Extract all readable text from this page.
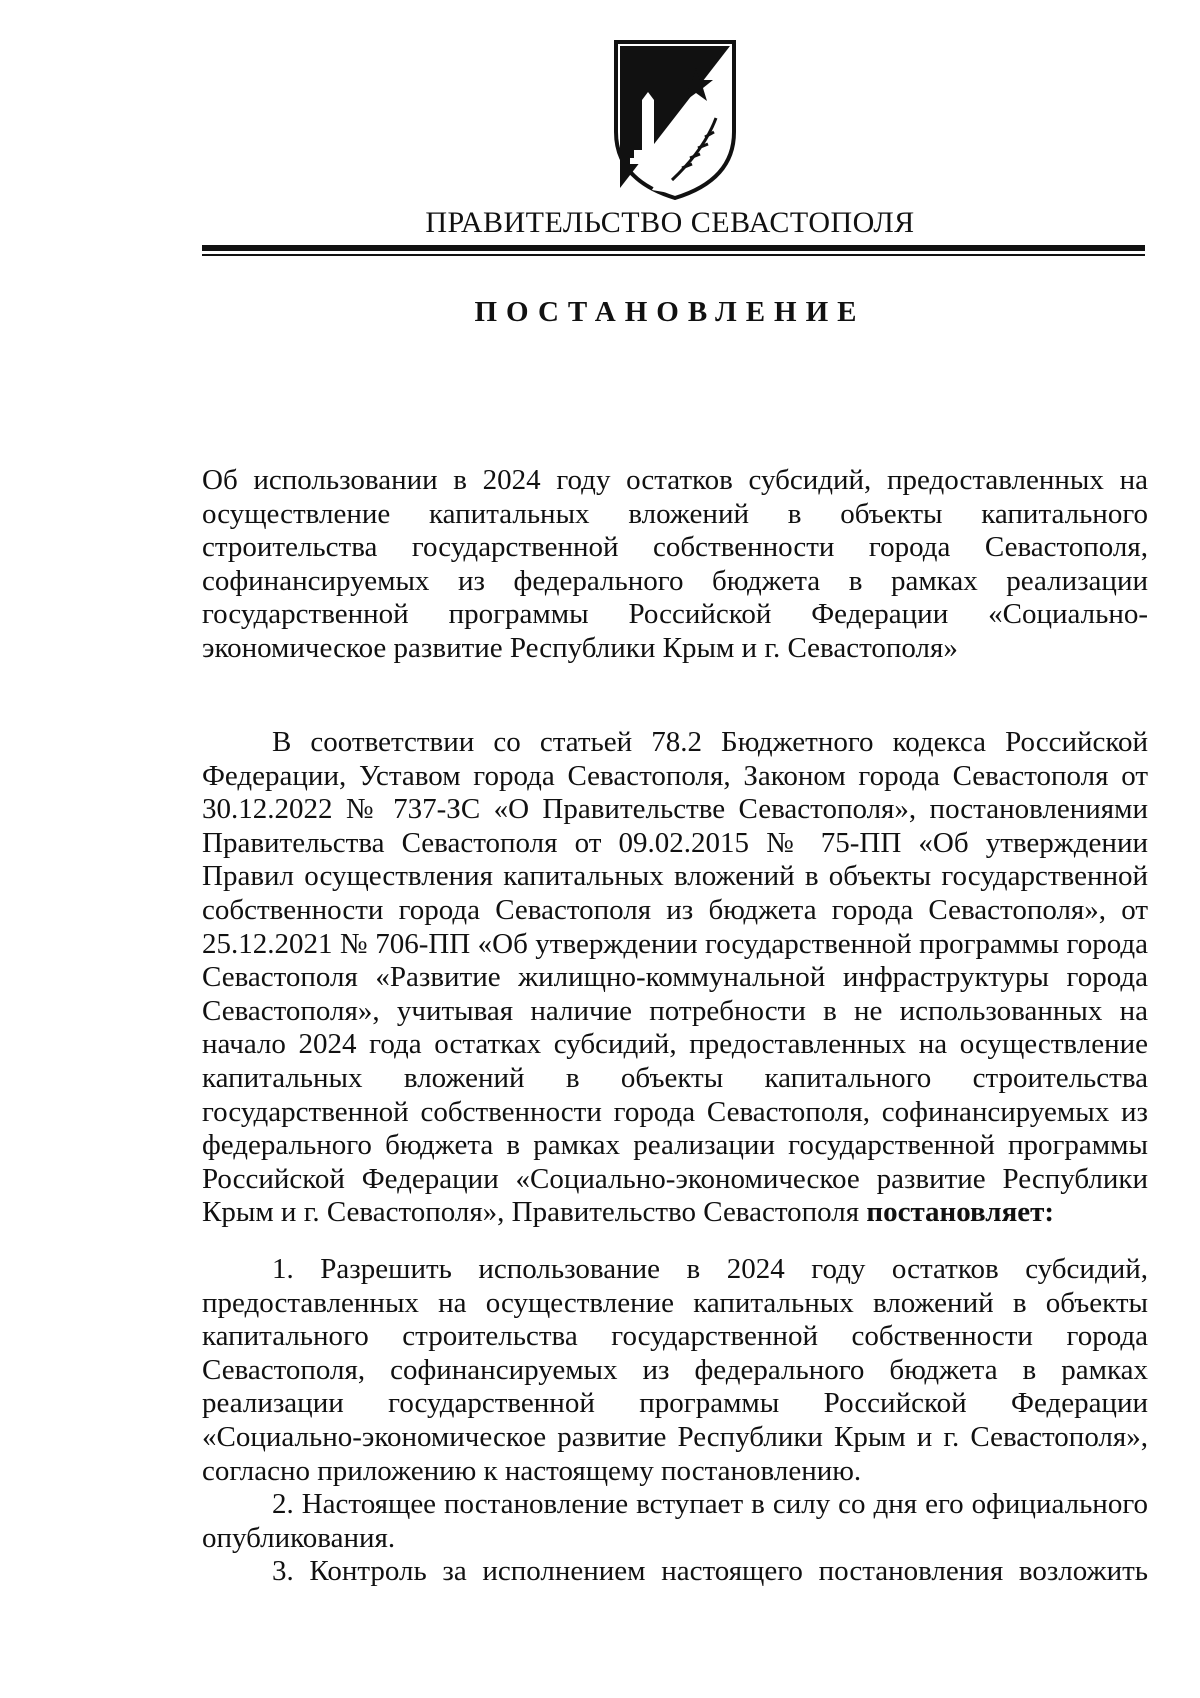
ПРАВИТЕЛЬСТВО СЕВАСТОПОЛЯ
ПОСТАНОВЛЕНИЕ

Об использовании в 2024 году остатков субсидий, предоставленных на осуществление капитальных вложений в объекты капитального строительства государственной собственности города Севастополя, софинансируемых из федерального бюджета в рамках реализации государственной программы Российской Федерации «Социально-экономическое развитие Республики Крым и г. Севастополя»

В соответствии со статьей 78.2 Бюджетного кодекса Российской Федерации, Уставом города Севастополя, Законом города Севастополя от 30.12.2022 № 737-ЗС «О Правительстве Севастополя», постановлениями Правительства Севастополя от 09.02.2015 № 75-ПП «Об утверждении Правил осуществления капитальных вложений в объекты государственной собственности города Севастополя из бюджета города Севастополя», от 25.12.2021 № 706-ПП «Об утверждении государственной программы города Севастополя «Развитие жилищно-коммунальной инфраструктуры города Севастополя», учитывая наличие потребности в не использованных на начало 2024 года остатках субсидий, предоставленных на осуществление капитальных вложений в объекты капитального строительства государственной собственности города Севастополя, софинансируемых из федерального бюджета в рамках реализации государственной программы Российской Федерации «Социально-экономическое развитие Республики Крым и г. Севастополя», Правительство Севастополя постановляет:

1. Разрешить использование в 2024 году остатков субсидий, предоставленных на осуществление капитальных вложений в объекты капитального строительства государственной собственности города Севастополя, софинансируемых из федерального бюджета в рамках реализации государственной программы Российской Федерации «Социально-экономическое развитие Республики Крым и г. Севастополя», согласно приложению к настоящему постановлению.

2. Настоящее постановление вступает в силу со дня его официального опубликования.

3. Контроль за исполнением настоящего постановления возложить
